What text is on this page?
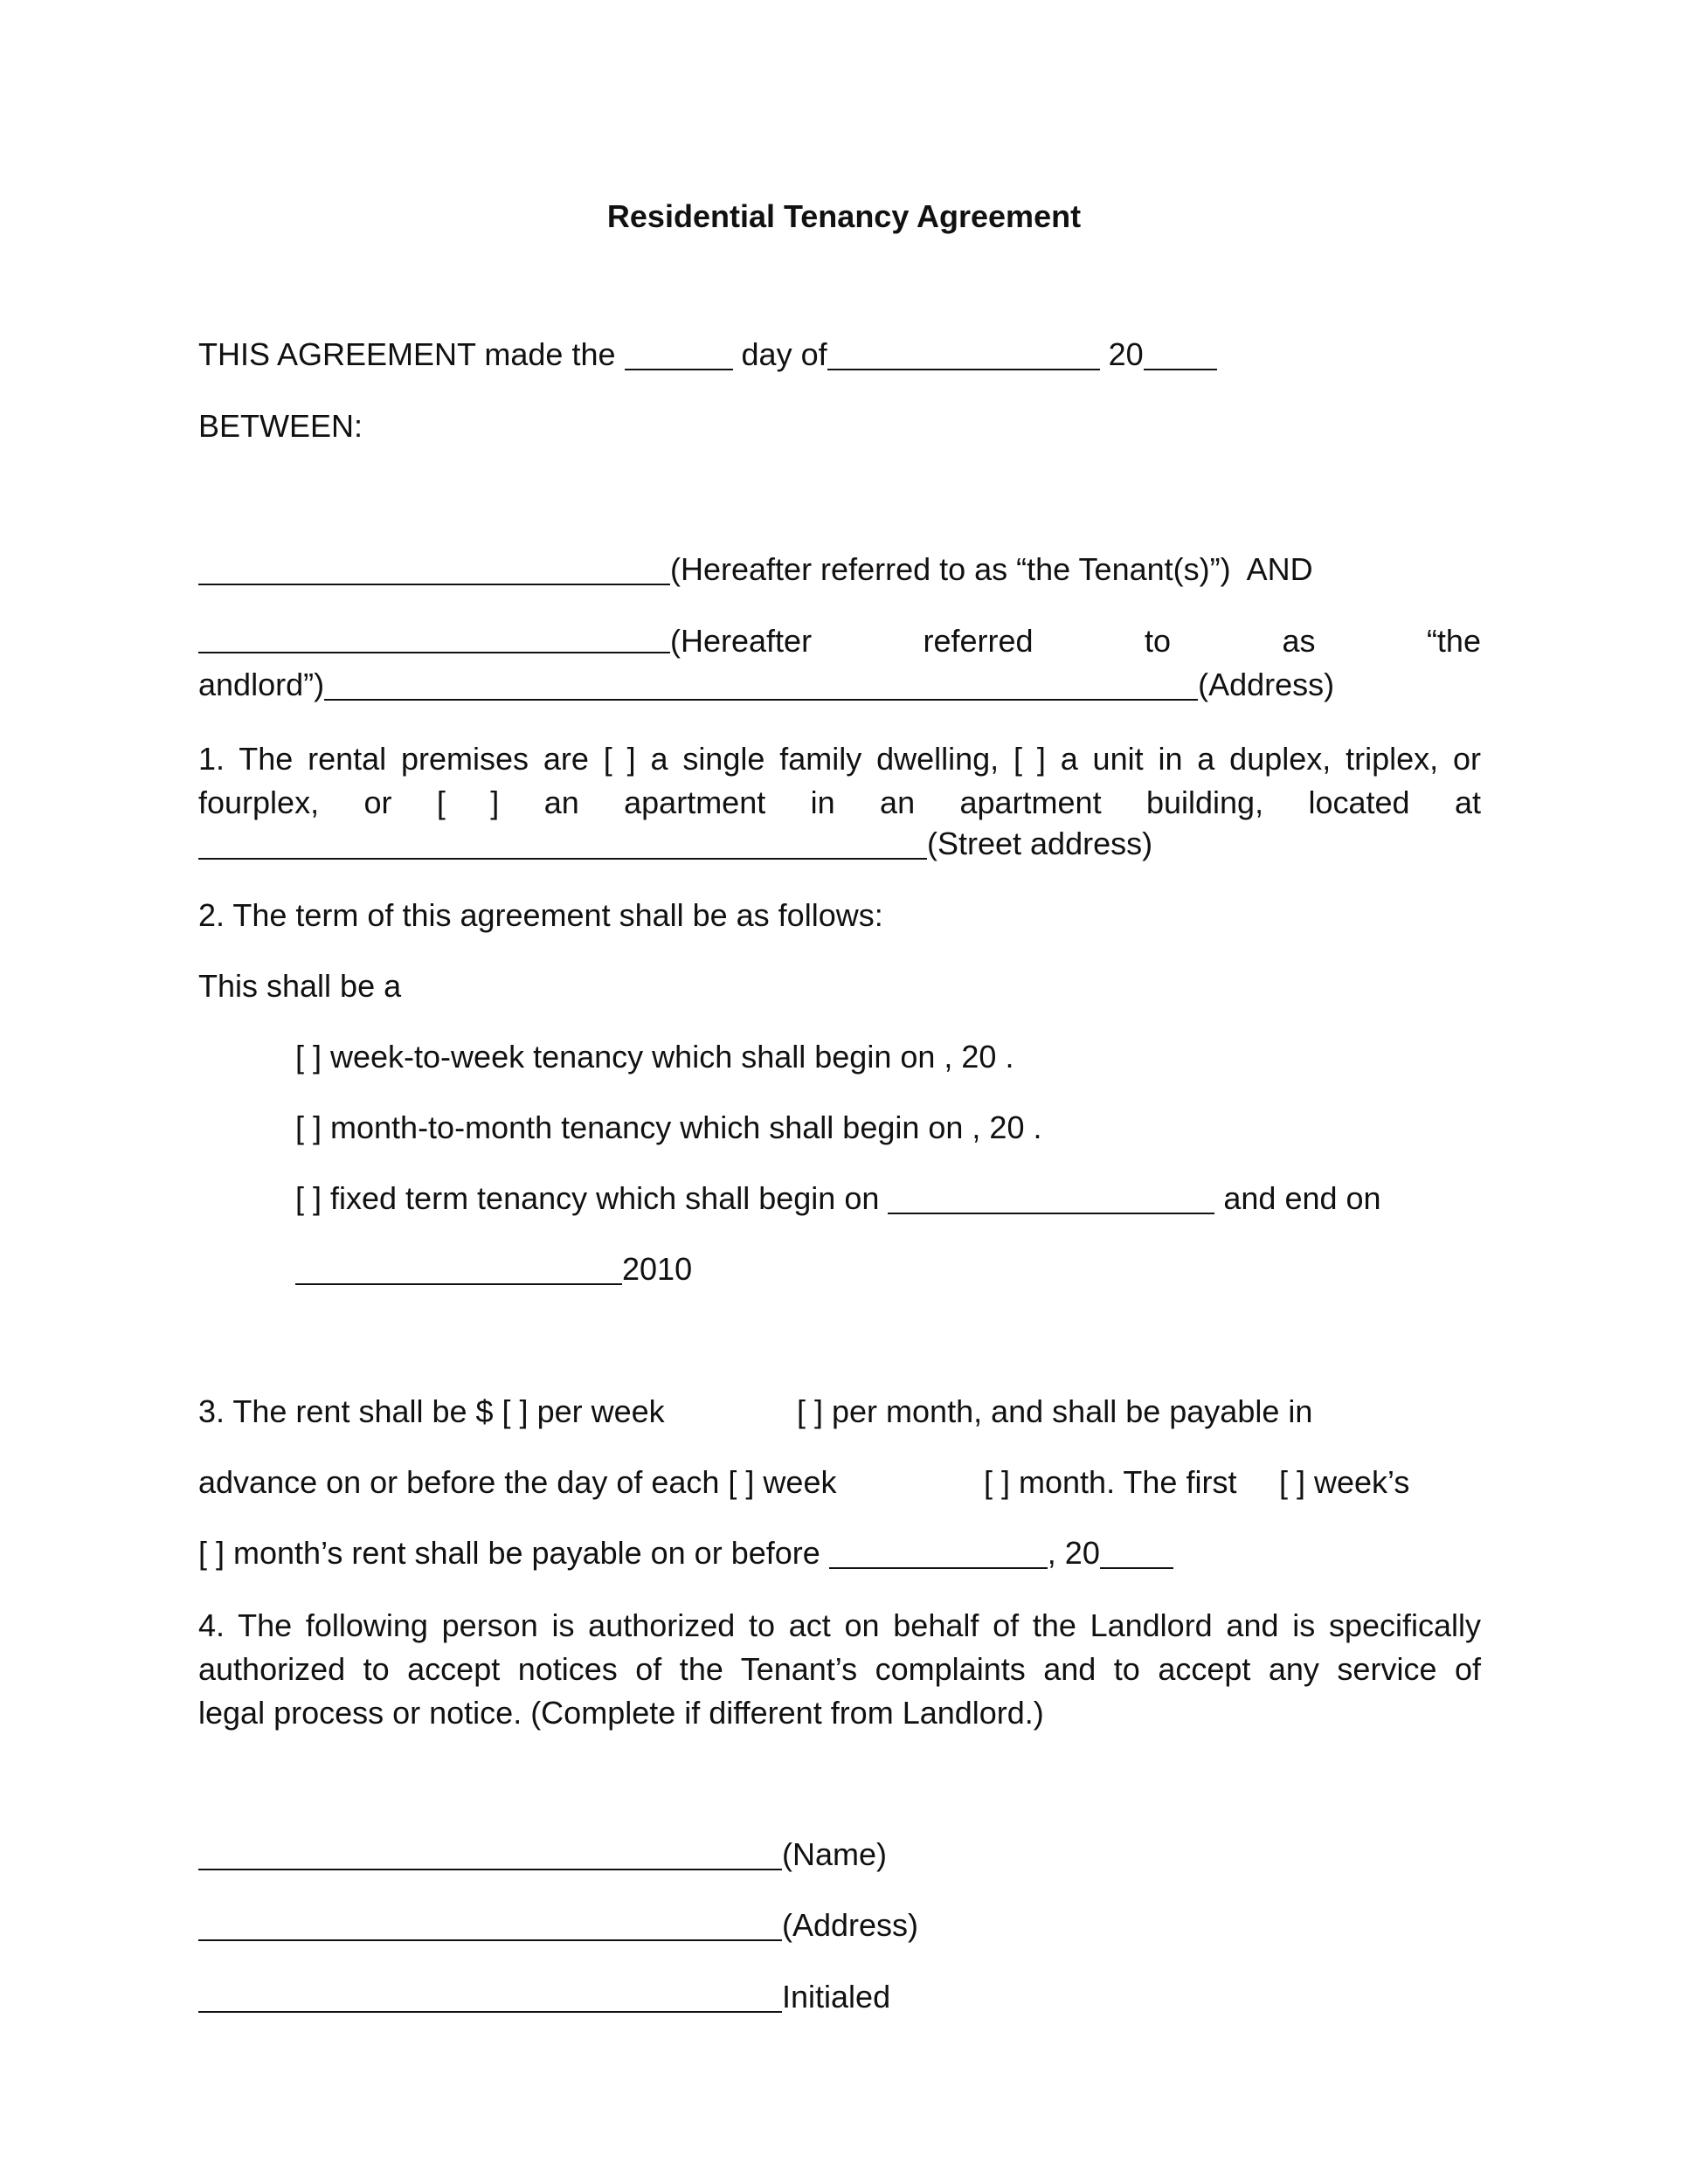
Residential Tenancy Agreement
THIS AGREEMENT made the	day of	20
BETWEEN:
(Hereafter referred to as “the Tenant(s)”)  AND
(Hereafter	referred	to	as	“the
andlord”)	(Address)
1. The rental premises are [ ] a single family dwelling, [ ] a unit in a duplex, triplex, or
fourplex, or [ ] an apartment in an apartment building, located at
(Street address)
2. The term of this agreement shall be as follows:
This shall be a
[ ] week-to-week tenancy which shall begin on , 20 .
[ ] month-to-month tenancy which shall begin on , 20 .
[ ] fixed term tenancy which shall begin on	and end on
2010
3. The rent shall be $ [ ] per week	[ ] per month, and shall be payable in
advance on or before the day of each [ ] week	[ ] month. The first [ ] week’s
[ ] month’s rent shall be payable on or before	, 20
4. The following person is authorized to act on behalf of the Landlord and is specifically
authorized to accept notices of the Tenant’s complaints and to accept any service of
legal process or notice. (Complete if different from Landlord.)
(Name)
(Address)
Initialed
